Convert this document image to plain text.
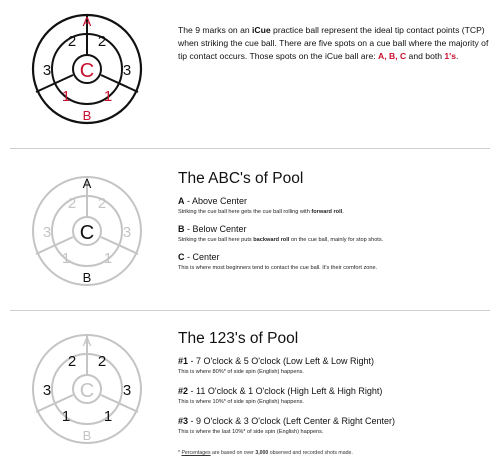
A
2 2
3	3
C
1 1
B
The 9 marks on an iCue practice ball represent the ideal tip contact points (TCP) when striking the cue ball. There are five spots on a cue ball where the majority of tip contact occurs. Those spots on the iCue ball are: A, B, C and both 1's.
A
2 2
3	3
C
1 1
B
The ABC's of Pool
A - Above Center
Striking the cue ball here gets the cue ball rolling with forward roll.
B - Below Center
Striking the cue ball here puts backward roll on the cue ball, mainly for stop shots.
C - Center
This is where most beginners tend to contact the cue ball. It's their comfort zone.
A
2 2
3	3
C
1 1
B
The 123's of Pool
#1 - 7 O'clock & 5 O'clock (Low Left & Low Right)
This is where 80%* of side spin (English) happens.
#2 - 11 O'clock & 1 O'clock (High Left & High Right)
This is where 10%* of side spin (English) happens.
#3 - 9 O'clock & 3 O'clock (Left Center & Right Center)
This is where the last 10%* of side spin (English) happens.
* Percentages are based on over 3,000 observed and recorded shots made.
